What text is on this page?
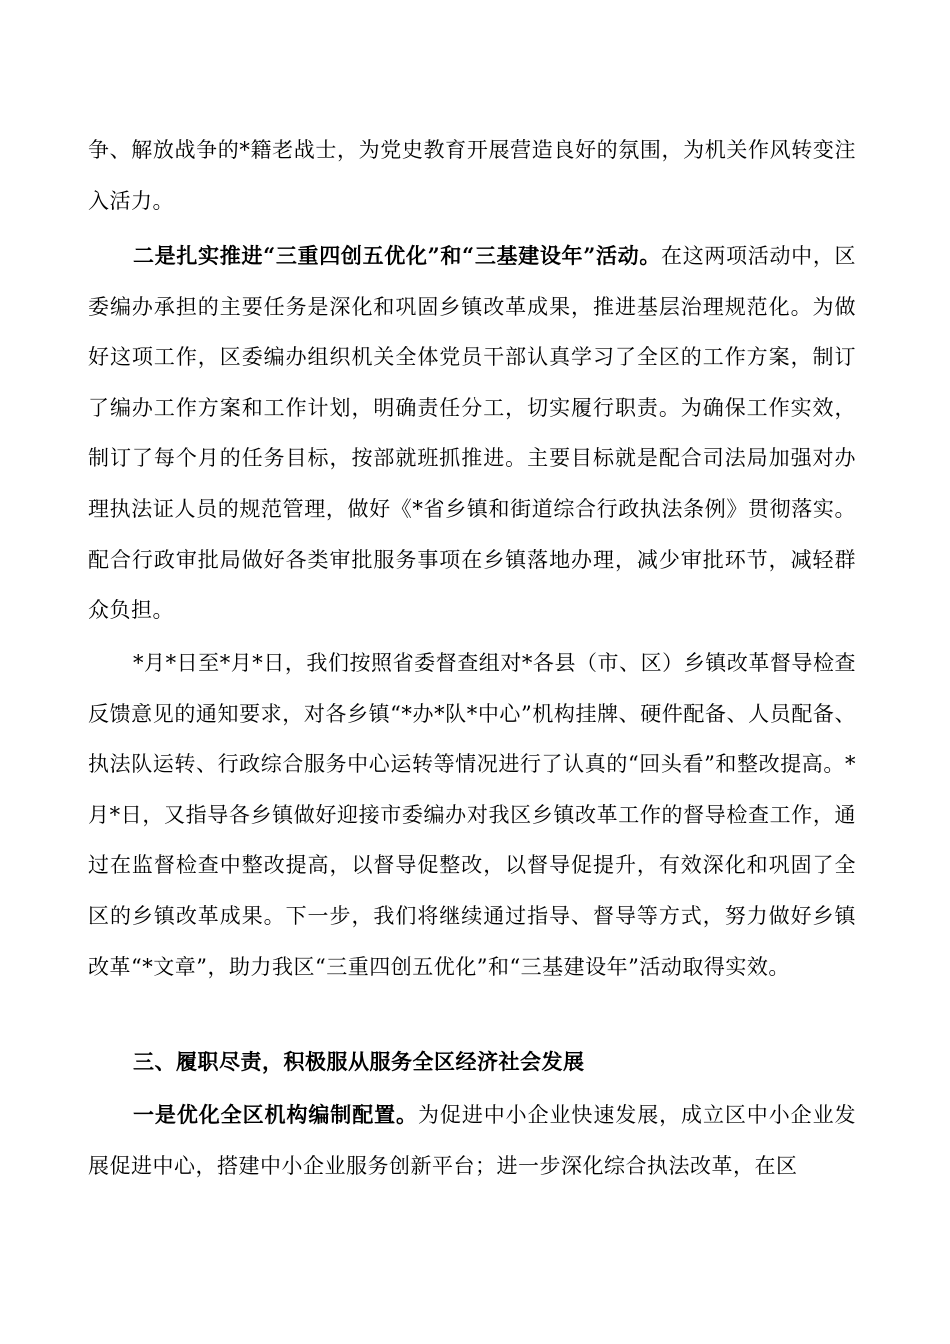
争、解放战争的*籍老战士，为党史教育开展营造良好的氛围，为机关作风转变注入活力。

二是扎实推进“三重四创五优化”和“三基建设年”活动。在这两项活动中，区委编办承担的主要任务是深化和巩固乡镇改革成果，推进基层治理规范化。为做好这项工作，区委编办组织机关全体党员干部认真学习了全区的工作方案，制订了编办工作方案和工作计划，明确责任分工，切实履行职责。为确保工作实效，制订了每个月的任务目标，按部就班抓推进。主要目标就是配合司法局加强对办理执法证人员的规范管理，做好《*省乡镇和街道综合行政执法条例》贯彻落实。配合行政审批局做好各类审批服务事项在乡镇落地办理，减少审批环节，减轻群众负担。

*月*日至*月*日，我们按照省委督查组对*各县（市、区）乡镇改革督导检查反馈意见的通知要求，对各乡镇“*办*队*中心”机构挂牌、硬件配备、人员配备、执法队运转、行政综合服务中心运转等情况进行了认真的“回头看”和整改提高。*月*日，又指导各乡镇做好迎接市委编办对我区乡镇改革工作的督导检查工作，通过在监督检查中整改提高，以督导促整改，以督导促提升，有效深化和巩固了全区的乡镇改革成果。下一步，我们将继续通过指导、督导等方式，努力做好乡镇改革“*文章”，助力我区“三重四创五优化”和“三基建设年”活动取得实效。

三、履职尽责，积极服从服务全区经济社会发展

一是优化全区机构编制配置。为促进中小企业快速发展，成立区中小企业发展促进中心，搭建中小企业服务创新平台；进一步深化综合执法改革，在区
